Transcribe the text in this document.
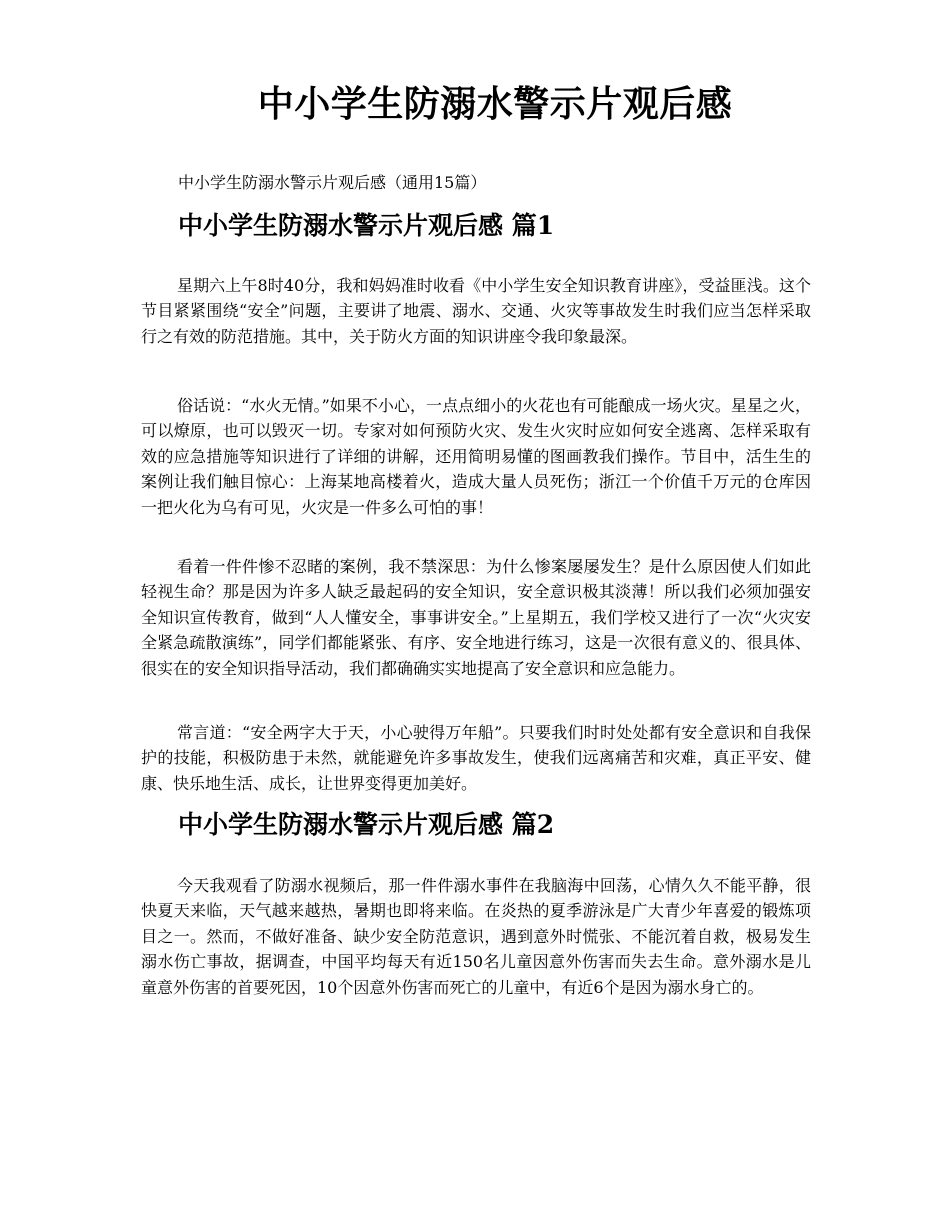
中小学生防溺水警示片观后感

中小学生防溺水警示片观后感（通用15篇）

中小学生防溺水警示片观后感 篇1

星期六上午8时40分，我和妈妈准时收看《中小学生安全知识教育讲座》，受益匪浅。这个节目紧紧围绕“安全”问题，主要讲了地震、溺水、交通、火灾等事故发生时我们应当怎样采取行之有效的防范措施。其中，关于防火方面的知识讲座令我印象最深。

俗话说：“水火无情。”如果不小心，一点点细小的火花也有可能酿成一场火灾。星星之火，可以燎原，也可以毁灭一切。专家对如何预防火灾、发生火灾时应如何安全逃离、怎样采取有效的应急措施等知识进行了详细的讲解，还用简明易懂的图画教我们操作。节目中，活生生的案例让我们触目惊心：上海某地高楼着火，造成大量人员死伤；浙江一个价值千万元的仓库因一把火化为乌有可见，火灾是一件多么可怕的事！

看着一件件惨不忍睹的案例，我不禁深思：为什么惨案屡屡发生？是什么原因使人们如此轻视生命？那是因为许多人缺乏最起码的安全知识，安全意识极其淡薄！所以我们必须加强安全知识宣传教育，做到“人人懂安全，事事讲安全。”上星期五，我们学校又进行了一次“火灾安全紧急疏散演练”，同学们都能紧张、有序、安全地进行练习，这是一次很有意义的、很具体、很实在的安全知识指导活动，我们都确确实实地提高了安全意识和应急能力。

常言道：“安全两字大于天，小心驶得万年船”。只要我们时时处处都有安全意识和自我保护的技能，积极防患于未然，就能避免许多事故发生，使我们远离痛苦和灾难，真正平安、健康、快乐地生活、成长，让世界变得更加美好。

中小学生防溺水警示片观后感 篇2

今天我观看了防溺水视频后，那一件件溺水事件在我脑海中回荡，心情久久不能平静，很快夏天来临，天气越来越热，暑期也即将来临。在炎热的夏季游泳是广大青少年喜爱的锻炼项目之一。然而，不做好准备、缺少安全防范意识，遇到意外时慌张、不能沉着自救，极易发生溺水伤亡事故，据调查，中国平均每天有近150名儿童因意外伤害而失去生命。意外溺水是儿童意外伤害的首要死因，10个因意外伤害而死亡的儿童中，有近6个是因为溺水身亡的。
